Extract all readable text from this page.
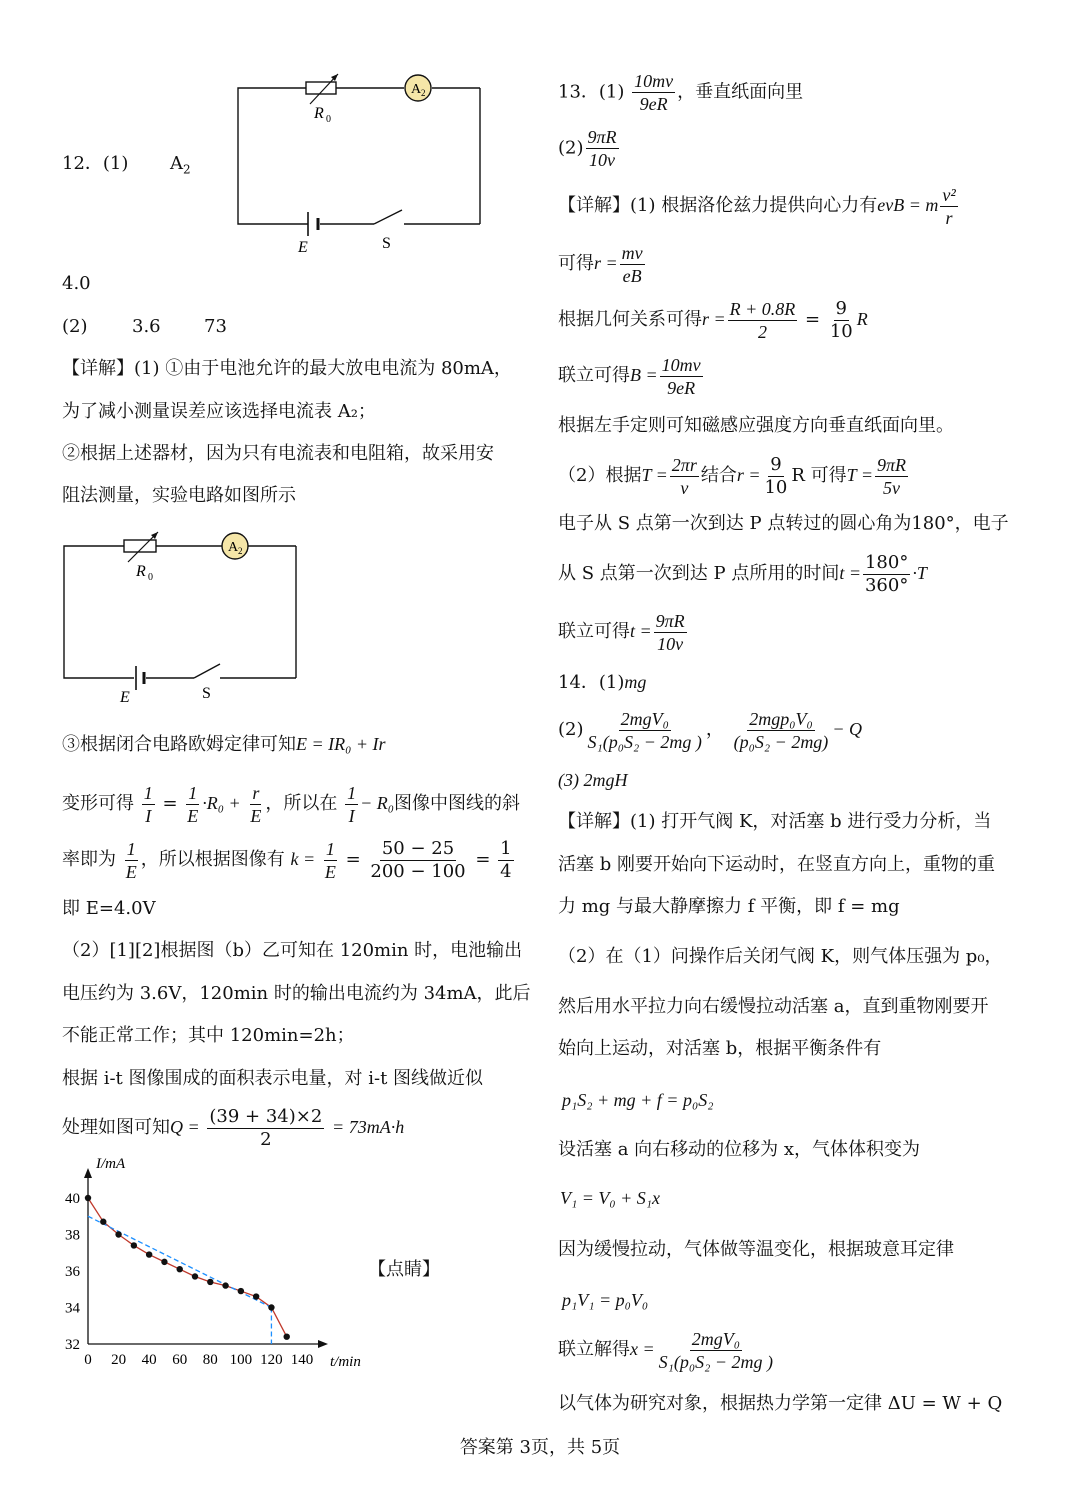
A 2
R 0
E	S
12．(1) $A_2$
4.0
(2) 3.6 73
【详解】(1) ①由于电池允许的最大放电电流为 80mA，
为了减小测量误差应该选择电流表 A₂；
②根据上述器材，因为只有电流表和电阻箱，故采用安
阻法测量，实验电路如图所示
A 2
R 0
E	S
③根据闭合电路欧姆定律可知E = IR₀ + Ir
变形可得 $\frac{1}{I} = \frac{1}{E} \cdot R_0 + \frac{r}{E}$ ，所以在 $\frac{1}{I} - R_0$图像中图线的斜
率即为 $\frac{1}{E}$ ，所以根据图像有 $k = \frac{1}{E} = \frac{50 - 25}{200 - 100} = \frac{1}{4}$
即 E=4.0V
（2）[1][2]根据图（b）乙可知在 120min 时，电池输出
电压约为 3.6V，120min 时的输出电流约为 34mA，此后
不能正常工作；其中 120min=2h；
根据 i-t 图像围成的面积表示电量，对 i-t 图线做近似
处理如图可知$Q = \frac{(39 + 34)\times 2}{2} = 73mA\cdot h$
0 20 40 60 80 100 120 140
32
34
36
38
40
t/min
I/mA
【点睛】
13．$(1) \frac{10mv}{9eR}$ ，垂直纸面向里
$(2) \frac{9\pi R}{10v}$
【详解】(1) 根据洛伦兹力提供向心力有evB = m $\frac{\text{v²}}{r}$
可得$r = \frac{mv}{eB}$
根据几何关系可得$r = \frac{R + 0.8R}{2} = \frac{9}{10}$ R
联立可得$B = \frac{10mv}{9eR}$
根据左手定则可知磁感应强度方向垂直纸面向里。
（2）根据$T = \frac{2\pi r}{v}$ 结合$r = \frac{9}{10}$ R 可得$T = \frac{9\pi R}{5v}$
电子从 S 点第一次到达 P 点转过的圆心角为180°，电子
从 S 点第一次到达 P 点所用的时间$t = \frac{180^\circ}{360^\circ} \cdot T$
联立可得$t = \frac{9\pi R}{10v}$
14．(1)mg
$(2) \frac{\text{2mgV₀}}{\text{S₁(p₀S₂ − 2mg )}}$ ， $\frac{\text{2mgp₀V₀}}{\text{(p₀S₂ − 2mg)}} - Q$
(3) 2mgH
【详解】(1) 打开气阀 K，对活塞 b 进行受力分析，当
活塞 b 刚要开始向下运动时，在竖直方向上，重物的重
力 mg 与最大静摩擦力 f 平衡，即 f = mg
（2）在（1）问操作后关闭气阀 K，则气体压强为 p₀，
然后用水平拉力向右缓慢拉动活塞 a，直到重物刚要开
始向上运动，对活塞 b，根据平衡条件有
p₁S₂ + mg + f = p₀S₂
设活塞 a 向右移动的位移为 x，气体体积变为
V₁ = V₀ + S₁x
因为缓慢拉动，气体做等温变化，根据玻意耳定律
p₁V₁ = p₀V₀
联立解得$x = \frac{\text{2mgV₀}}{\text{S₁(p₀S₂ − 2mg )}}$
以气体为研究对象，根据热力学第一定律 ΔU = W + Q
答案第 3页，共 5页
